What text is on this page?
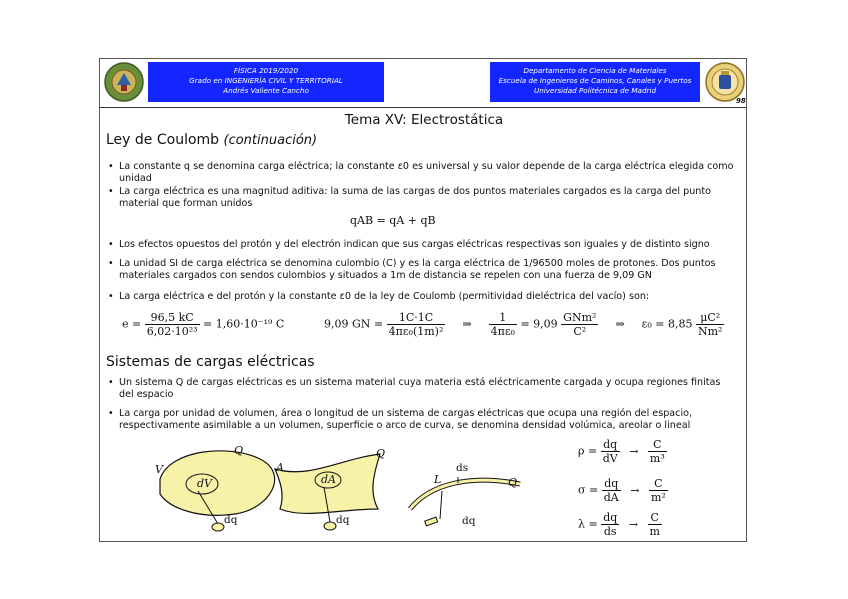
FÍSICA 2019/2020
Grado en INGENIERÍA CIVIL Y TERRITORIAL
Andrés Valiente Cancho
Departamento de Ciencia de Materiales
Escuela de Ingenieros de Caminos, Canales y Puertos
Universidad Politécnica de Madrid
98
Tema XV: Electrostática
Ley de Coulomb (continuación)
• La constante q se denomina carga eléctrica; la constante ε0 es universal y su valor depende de la carga eléctrica elegida como unidad
• La carga eléctrica es una magnitud aditiva: la suma de las cargas de dos puntos materiales cargados es la carga del punto material que forman unidos
qAB = qA + qB
• Los efectos opuestos del protón y del electrón indican que sus cargas eléctricas respectivas son iguales y de distinto signo
• La unidad SI de carga eléctrica se denomina culombio (C) y es la carga eléctrica de 1/96500 moles de protones. Dos puntos materiales cargados con sendos culombios y situados a 1m de distancia se repelen con una fuerza de 9,09 GN
• La carga eléctrica e del protón y la constante ε0 de la ley de Coulomb (permitividad dieléctrica del vacío) son:
$e = \frac{96,5 kC}{\text{6,02·10²³}} = 1,60\cdot 10^{-19}$ C	9,09 GN = $\frac{1C\cdot 1C}{\text{4πε₀(1m)²}}$ ⇒ $\frac{1}{\text{4πε₀}} = 9,09 \frac{\text{GNm²}}{\text{C²}}$ ⇒ $\varepsilon_0 = 8,85 \frac{\text{μC²}}{\text{Nm²}}$
Sistemas de cargas eléctricas
• Un sistema Q de cargas eléctricas es un sistema material cuya materia está eléctricamente cargada y ocupa regiones finitas del espacio
• La carga por unidad de volumen, área o longitud de un sistema de cargas eléctricas que ocupa una región del espacio, respectivamente asimilable a un volumen, superficie o arco de curva, se denomina densidad volúmica, areolar o lineal
V
Q
dV
dq
A
Q
dA
dq
L
ds
Q
dq
$\rho = \frac{dq}{dV} \to \frac{C}{\text{m³}}$
$\sigma = \frac{dq}{dA} \to \frac{C}{\text{m²}}$
$\lambda = \frac{dq}{ds} \to \frac{C}{m}$
